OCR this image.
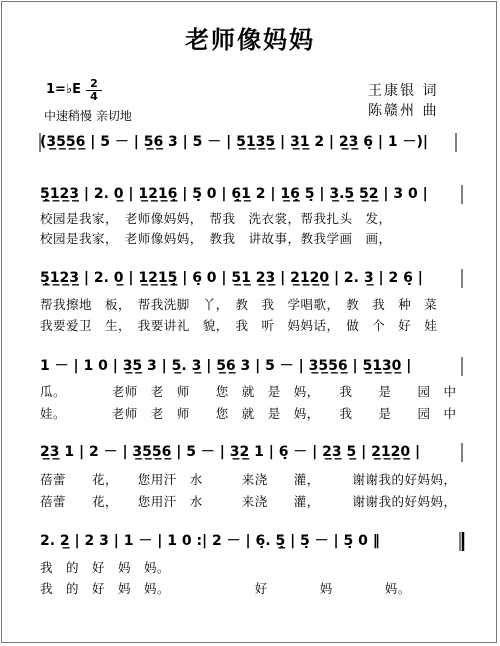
老师像妈妈
1=♭E 2
4
中速稍慢 亲切地
王康银 词
陈赣州 曲
(3̲5̲5̲6̲ | 5 － | 5̲6̲ 3 | 5 － | 5̲1̲3̲5̲ | 3̲1̲ 2 | 2̲3̲ 6̣ | 1 －)|
5̣̲1̲2̲3̲ | 2. 0̲ | 1̲2̲1̲6̣̲ | 5̣ 0 | 6̣̲1̲ 2 | 1̲6̣̲ 5̣ | 3̲.5̲ 5̲2̲ | 3 0 |
校园是我家，　老师像妈妈，　帮我　洗衣裳，帮我扎头　发，
校园是我家，　老师像妈妈，　教我　讲故事，教我学画　画，
5̣̲1̲2̲3̲ | 2. 0̲ | 1̲2̲1̲5̣̲ | 6̣ 0 | 5̲1̲ 2̲3̲ | 2̲1̲2̲0̲ | 2. 3̲ | 2 6̣ |
帮我擦地　板，　帮我洗脚　丫，　教　我　学唱歌，　教　我　种　菜
我要爱卫　生，　我要讲礼　貌，　我　听　妈妈话，　做　个　好　娃
1 － | 1 0 | 3̲5̲ 3 | 5̲. 3̲ | 5̲6̲ 3 | 5 － | 3̲5̲5̲6̲ | 5̲1̲3̲0̲ |
瓜。　　　　老师　老　师　　您　就　是　妈，　　我　　是　　园　中
娃。　　　　老师　老　师　　您　就　是　妈，　　我　　是　　园　中
2̲3̲ 1 | 2 － | 3̲5̲5̲6̲ | 5 － | 3̲2̲ 1 | 6̣ － | 2̲3̲ 5̲ | 2̲1̲2̲0̲ |
蓓蕾　　花，　　您用汗　水　　　来浇　　灌，　　　谢谢我的好妈妈，
蓓蕾　　花，　　您用汗　水　　　来浇　　灌，　　　谢谢我的好妈妈，
2. 2̲ | 2 3 | 1 － | 1 0 :| 2 － | 6̣. 5̣̲ | 5̣ － | 5̣ 0 ‖
我　的　好　妈　妈。
我　的　好　妈　妈。　　　　　　　好　　　　妈　　　　妈。
